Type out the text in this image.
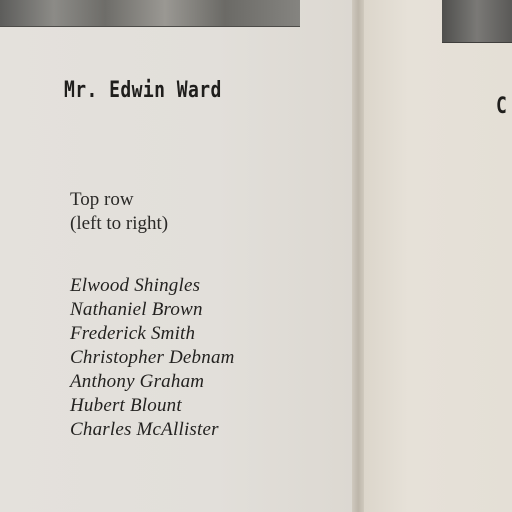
Mr. Edwin Ward
Top row
(left to right)
Elwood Shingles
Nathaniel Brown
Frederick Smith
Christopher Debnam
Anthony Graham
Hubert Blount
Charles McAllister
C
